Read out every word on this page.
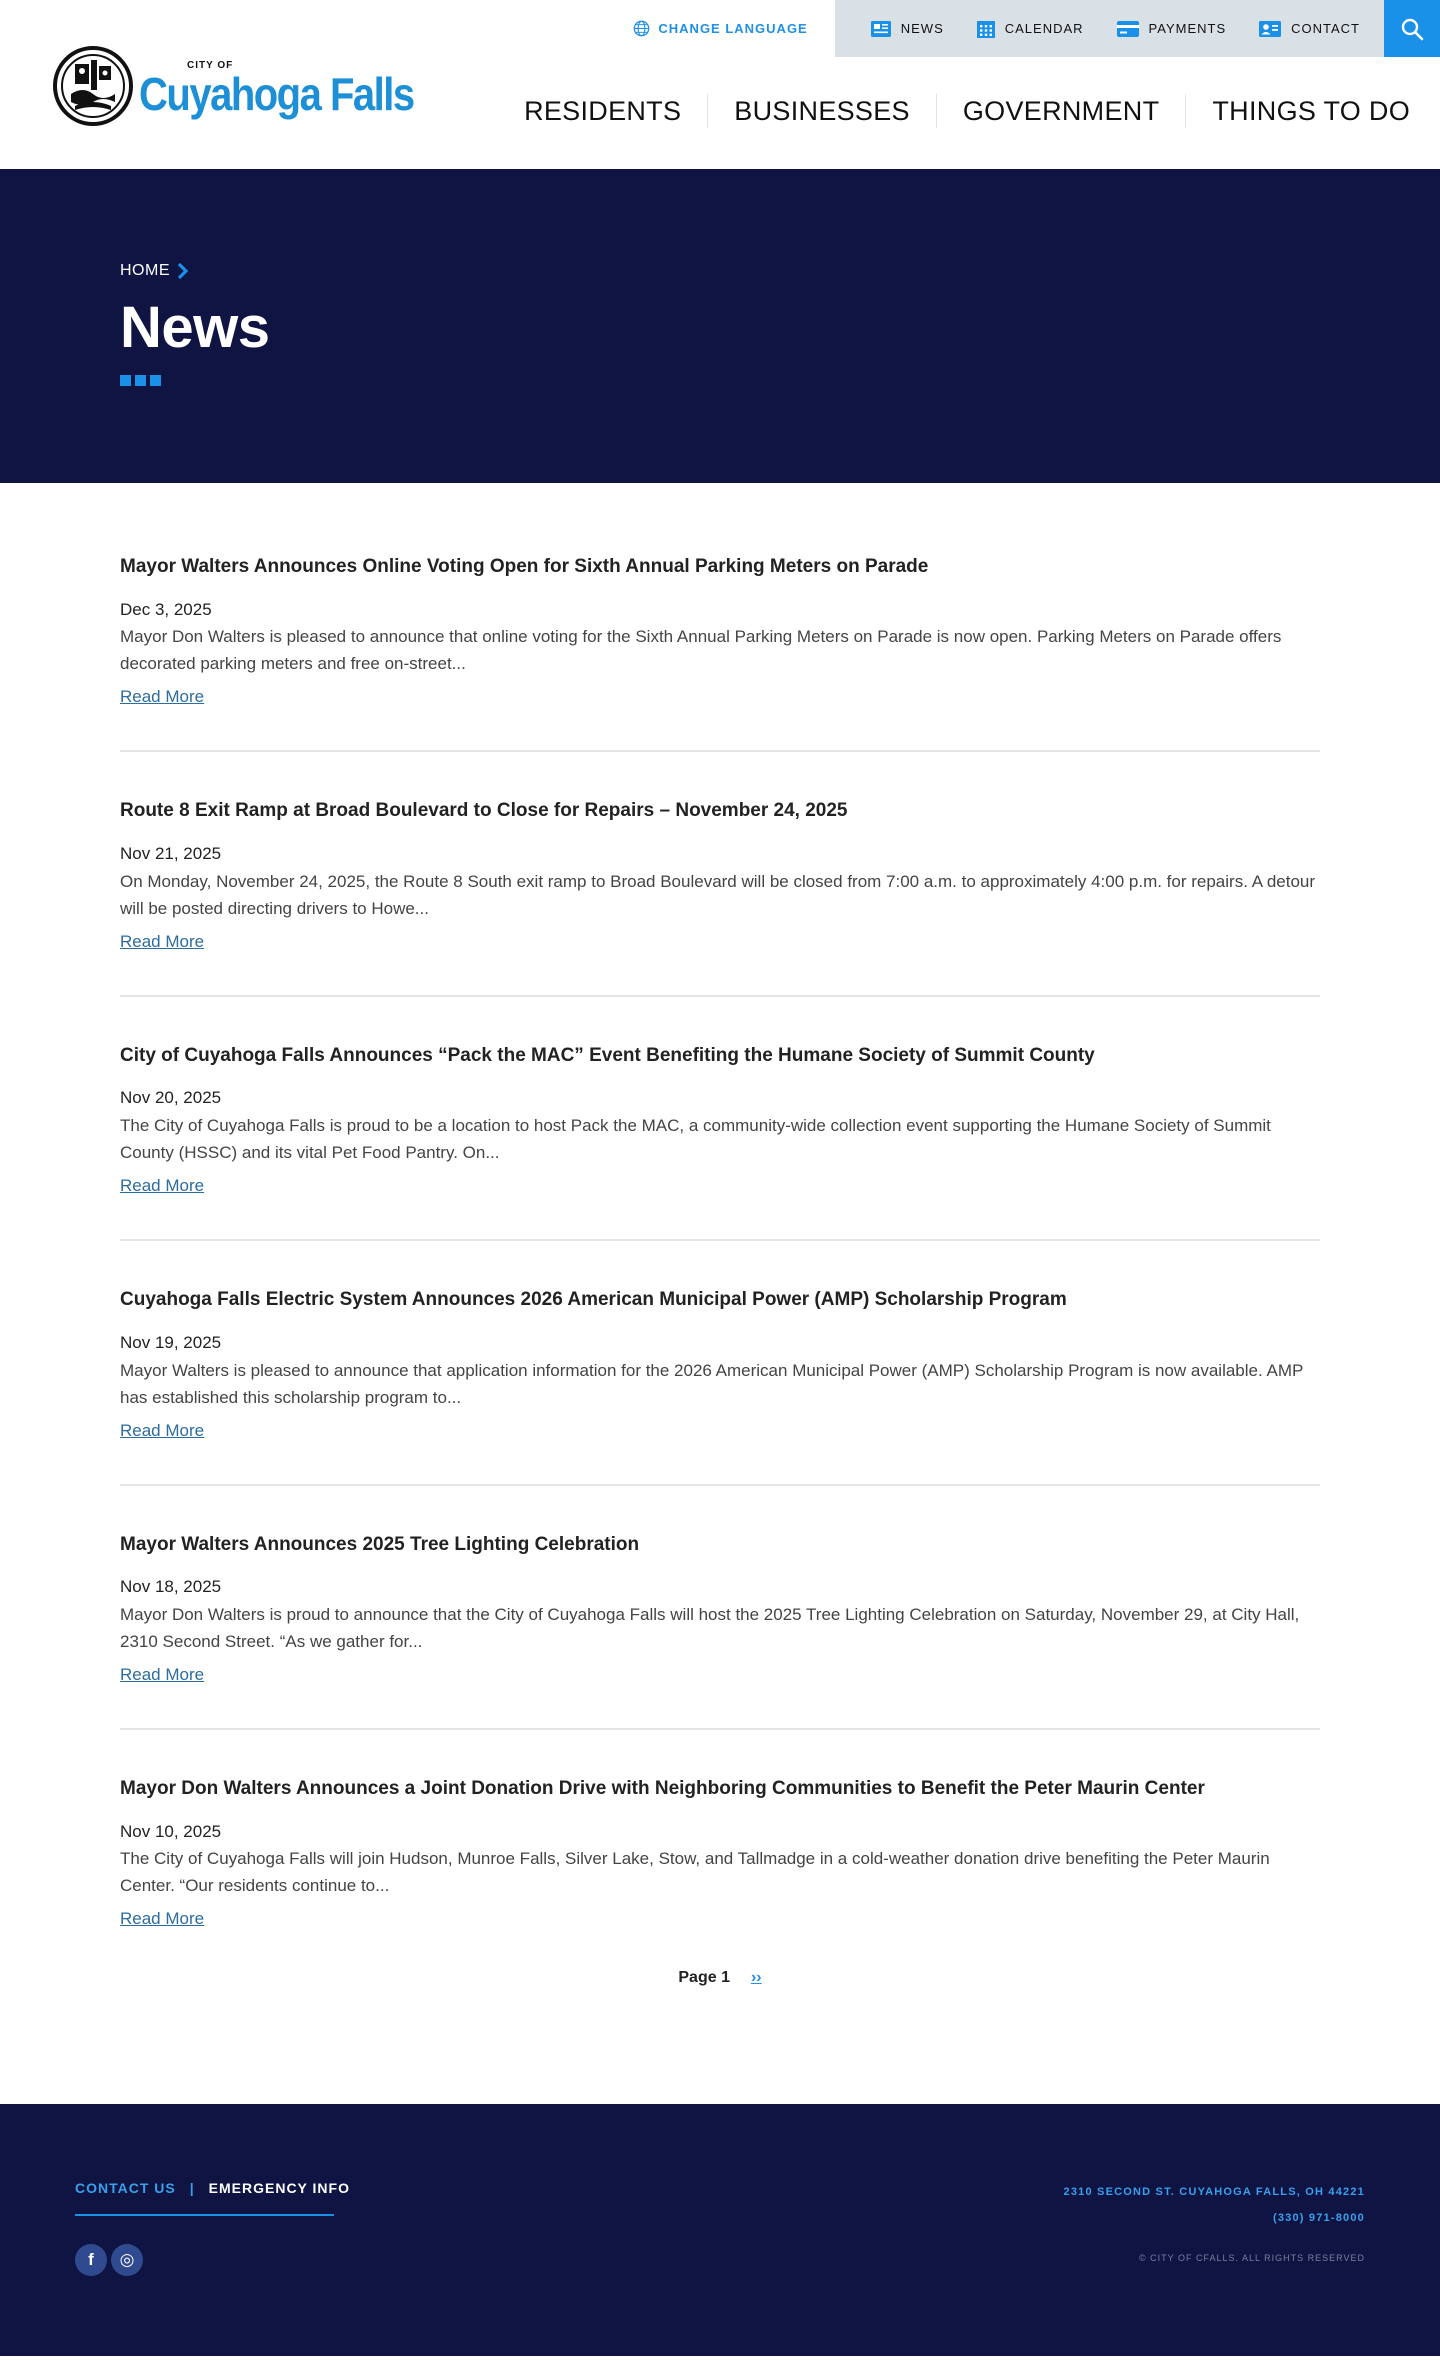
CITY OF
Cuyahoga Falls
CHANGE LANGUAGE	NEWS	CALENDAR	PAYMENTS	CONTACT
RESIDENTS	BUSINESSES	GOVERNMENT	THINGS TO DO
HOME
News
Mayor Walters Announces Online Voting Open for Sixth Annual Parking Meters on Parade
Dec 3, 2025

Mayor Don Walters is pleased to announce that online voting for the Sixth Annual Parking Meters on Parade is now open. Parking Meters on Parade offers decorated parking meters and free on-street...

Read More
Route 8 Exit Ramp at Broad Boulevard to Close for Repairs – November 24, 2025
Nov 21, 2025

On Monday, November 24, 2025, the Route 8 South exit ramp to Broad Boulevard will be closed from 7:00 a.m. to approximately 4:00 p.m. for repairs. A detour will be posted directing drivers to Howe...

Read More
City of Cuyahoga Falls Announces “Pack the MAC” Event Benefiting the Humane Society of Summit County
Nov 20, 2025

The City of Cuyahoga Falls is proud to be a location to host Pack the MAC, a community-wide collection event supporting the Humane Society of Summit County (HSSC) and its vital Pet Food Pantry. On...

Read More
Cuyahoga Falls Electric System Announces 2026 American Municipal Power (AMP) Scholarship Program
Nov 19, 2025

Mayor Walters is pleased to announce that application information for the 2026 American Municipal Power (AMP) Scholarship Program is now available. AMP has established this scholarship program to...

Read More
Mayor Walters Announces 2025 Tree Lighting Celebration
Nov 18, 2025

Mayor Don Walters is proud to announce that the City of Cuyahoga Falls will host the 2025 Tree Lighting Celebration on Saturday, November 29, at City Hall, 2310 Second Street. “As we gather for...

Read More
Mayor Don Walters Announces a Joint Donation Drive with Neighboring Communities to Benefit the Peter Maurin Center
Nov 10, 2025

The City of Cuyahoga Falls will join Hudson, Munroe Falls, Silver Lake, Stow, and Tallmadge in a cold-weather donation drive benefiting the Peter Maurin Center. “Our residents continue to...

Read More
Page 1 ››
CONTACT US | EMERGENCY INFO
f	◎
2310 SECOND ST. CUYAHOGA FALLS, OH 44221
(330) 971-8000
© CITY OF CFALLS. ALL RIGHTS RESERVED
